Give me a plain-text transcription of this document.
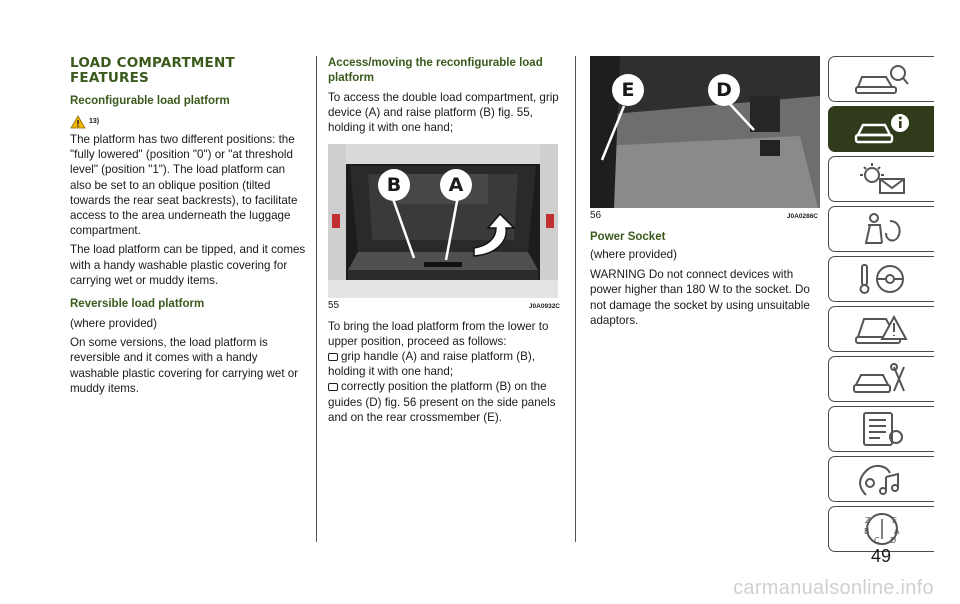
LOAD COMPARTMENT FEATURES
Reconfigurable load platform
13)

The platform has two different positions: the "fully lowered" (position "0") or "at threshold level" (position "1"). The load platform can also be set to an oblique position (tilted towards the rear seat backrests), to facilitate access to the area underneath the luggage compartment.

The load platform can be tipped, and it comes with a handy washable plastic covering for carrying wet or muddy items.

Reversible load platform

(where provided)

On some versions, the load platform is reversible and it comes with a handy washable plastic covering for carrying wet or muddy items.

Access/moving the reconfigurable load platform

To access the double load compartment, grip device (A) and raise platform (B) fig. 55, holding it with one hand;

B	A
55	J0A0932C

To bring the load platform from the lower to upper position, proceed as follows:

grip handle (A) and raise platform (B), holding it with one hand;

correctly position the platform (B) on the guides (D) fig. 56 present on the side panels and on the rear crossmember (E).

E	D
56	J0A0286C
Power Socket

(where provided)

WARNING Do not connect devices with power higher than 180 W to the socket. Do not damage the socket by using unsuitable adaptors.

Z	E
B	A
C D
49
carmanualsonline.info
